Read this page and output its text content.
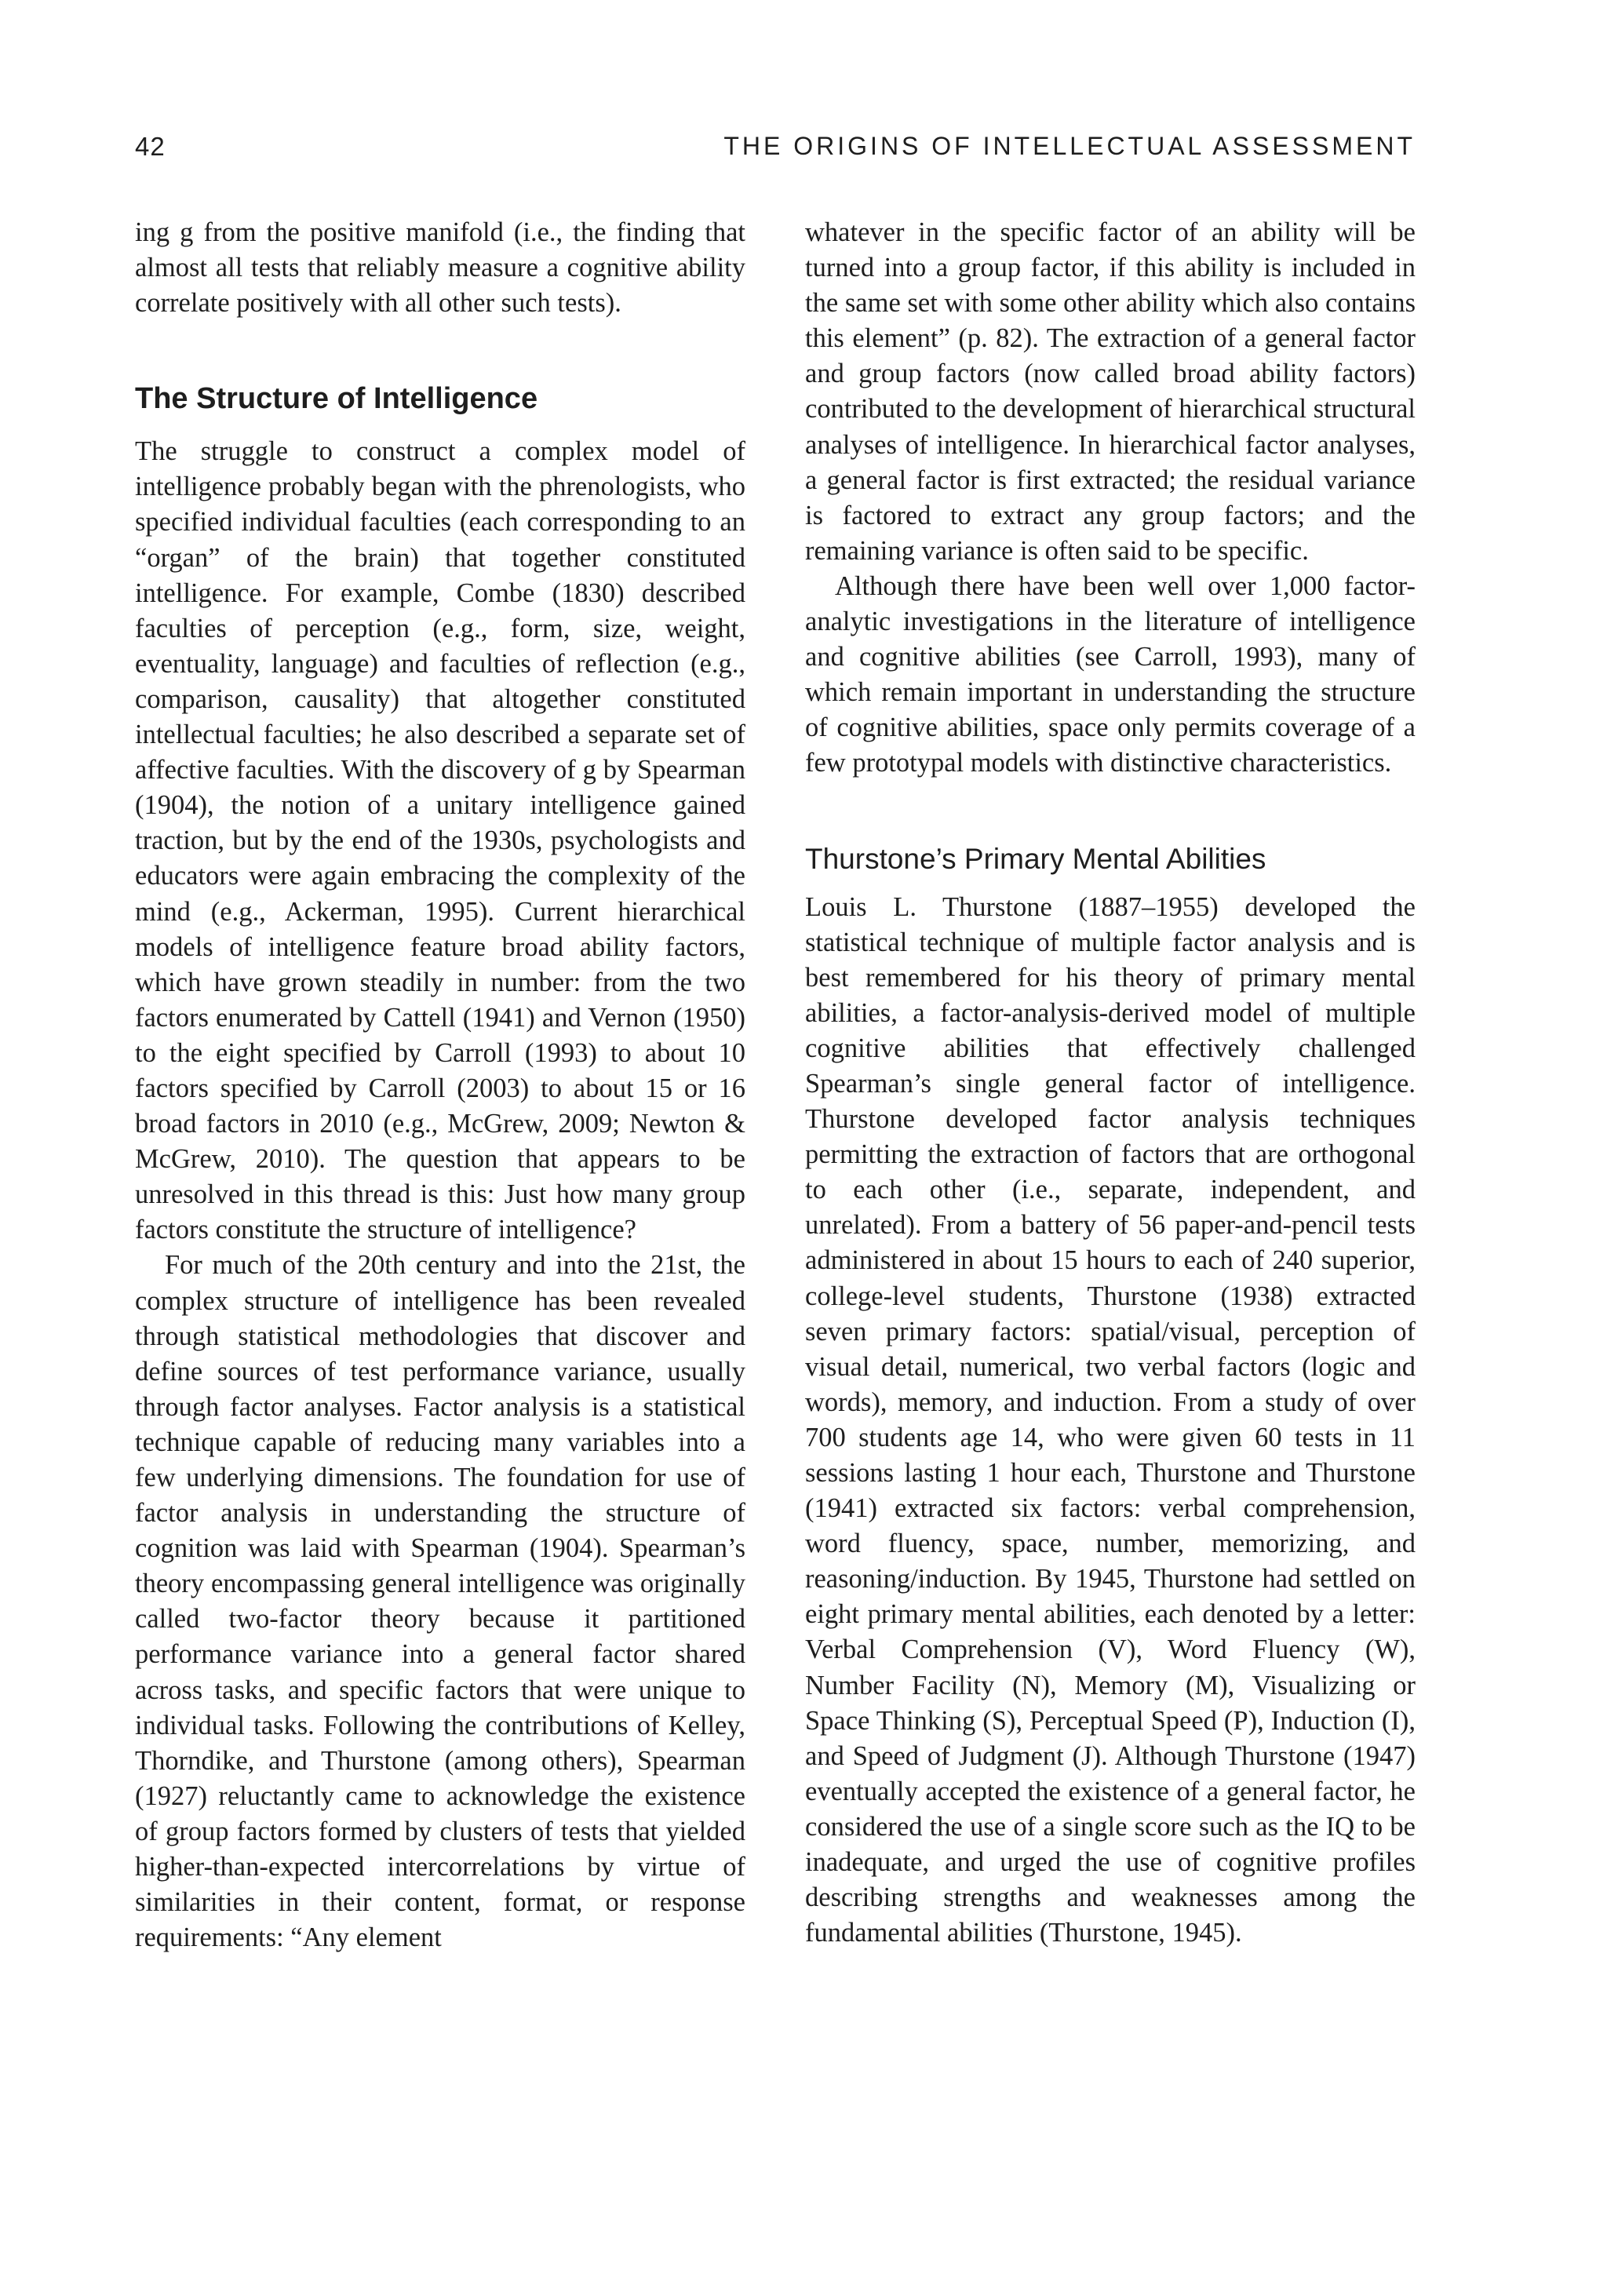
42	THE ORIGINS OF INTELLECTUAL ASSESSMENT

ing g from the positive manifold (i.e., the finding that almost all tests that reliably measure a cognitive ability correlate positively with all other such tests).

The Structure of Intelligence

The struggle to construct a complex model of intelligence probably began with the phrenologists, who specified individual faculties (each corresponding to an “organ” of the brain) that together constituted intelligence. For example, Combe (1830) described faculties of perception (e.g., form, size, weight, eventuality, language) and faculties of reflection (e.g., comparison, causality) that altogether constituted intellectual faculties; he also described a separate set of affective faculties. With the discovery of g by Spearman (1904), the notion of a unitary intelligence gained traction, but by the end of the 1930s, psychologists and educators were again embracing the complexity of the mind (e.g., Ackerman, 1995). Current hierarchical models of intelligence feature broad ability factors, which have grown steadily in number: from the two factors enumerated by Cattell (1941) and Vernon (1950) to the eight specified by Carroll (1993) to about 10 factors specified by Carroll (2003) to about 15 or 16 broad factors in 2010 (e.g., McGrew, 2009; Newton & McGrew, 2010). The question that appears to be unresolved in this thread is this: Just how many group factors constitute the structure of intelligence?

For much of the 20th century and into the 21st, the complex structure of intelligence has been revealed through statistical methodologies that discover and define sources of test performance variance, usually through factor analyses. Factor analysis is a statistical technique capable of reducing many variables into a few underlying dimensions. The foundation for use of factor analysis in understanding the structure of cognition was laid with Spearman (1904). Spearman’s theory encompassing general intelligence was originally called two-factor theory because it partitioned performance variance into a general factor shared across tasks, and specific factors that were unique to individual tasks. Following the contributions of Kelley, Thorndike, and Thurstone (among others), Spearman (1927) reluctantly came to acknowledge the existence of group factors formed by clusters of tests that yielded higher-than-expected intercorrelations by virtue of similarities in their content, format, or response requirements: “Any element

whatever in the specific factor of an ability will be turned into a group factor, if this ability is included in the same set with some other ability which also contains this element” (p. 82). The extraction of a general factor and group factors (now called broad ability factors) contributed to the development of hierarchical structural analyses of intelligence. In hierarchical factor analyses, a general factor is first extracted; the residual variance is factored to extract any group factors; and the remaining variance is often said to be specific.

Although there have been well over 1,000 factor-analytic investigations in the literature of intelligence and cognitive abilities (see Carroll, 1993), many of which remain important in understanding the structure of cognitive abilities, space only permits coverage of a few prototypal models with distinctive characteristics.

Thurstone’s Primary Mental Abilities

Louis L. Thurstone (1887–1955) developed the statistical technique of multiple factor analysis and is best remembered for his theory of primary mental abilities, a factor-analysis-derived model of multiple cognitive abilities that effectively challenged Spearman’s single general factor of intelligence. Thurstone developed factor analysis techniques permitting the extraction of factors that are orthogonal to each other (i.e., separate, independent, and unrelated). From a battery of 56 paper-and-pencil tests administered in about 15 hours to each of 240 superior, college-level students, Thurstone (1938) extracted seven primary factors: spatial/visual, perception of visual detail, numerical, two verbal factors (logic and words), memory, and induction. From a study of over 700 students age 14, who were given 60 tests in 11 sessions lasting 1 hour each, Thurstone and Thurstone (1941) extracted six factors: verbal comprehension, word fluency, space, number, memorizing, and reasoning/induction. By 1945, Thurstone had settled on eight primary mental abilities, each denoted by a letter: Verbal Comprehension (V), Word Fluency (W), Number Facility (N), Memory (M), Visualizing or Space Thinking (S), Perceptual Speed (P), Induction (I), and Speed of Judgment (J). Although Thurstone (1947) eventually accepted the existence of a general factor, he considered the use of a single score such as the IQ to be inadequate, and urged the use of cognitive profiles describing strengths and weaknesses among the fundamental abilities (Thurstone, 1945).
